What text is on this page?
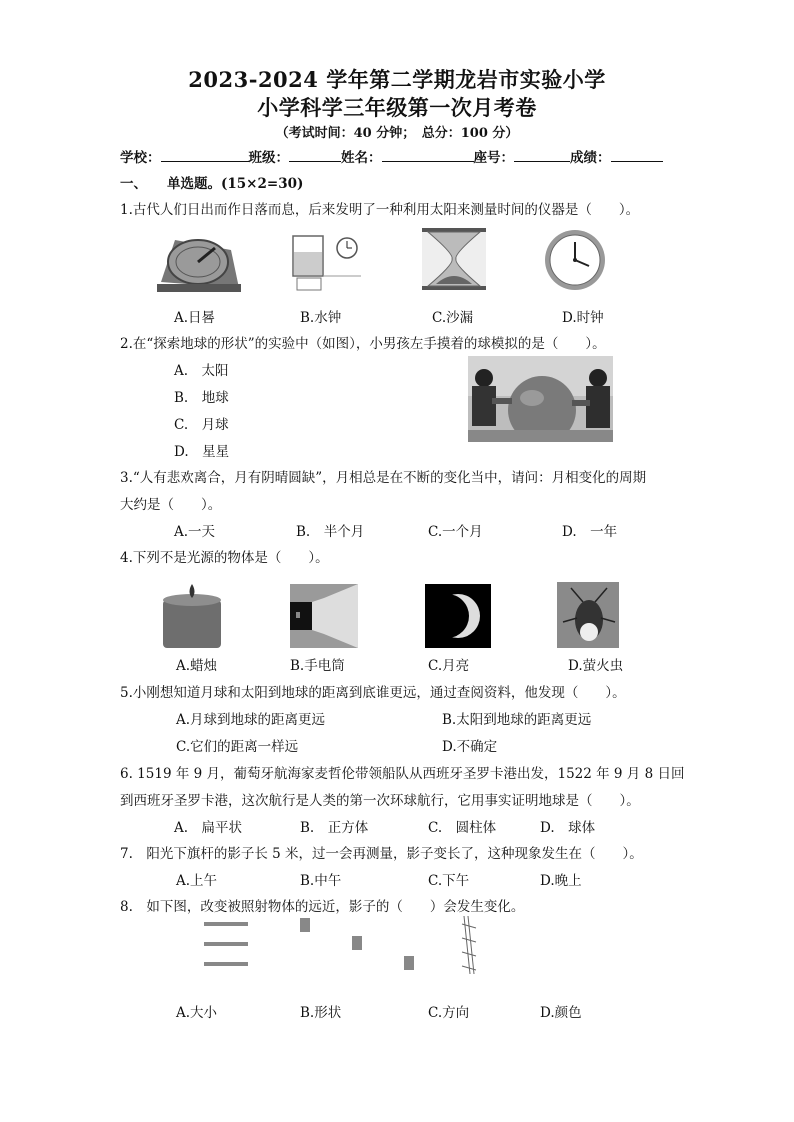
2023-2024 学年第二学期龙岩市实验小学
小学科学三年级第一次月考卷
（考试时间：40 分钟；　总分：100 分）
学校：	班级：	姓名：	座号：	成绩：
一、 单选题。(15×2=30)
1.古代人们日出而作日落而息，后来发明了一种利用太阳来测量时间的仪器是（　　）。
A.日晷	B.水钟	C.沙漏	D.时钟
2.在“探索地球的形状”的实验中（如图），小男孩左手摸着的球模拟的是（　　）。
A.　太阳
B.　地球
C.　月球
D.　星星
3.“人有悲欢离合，月有阴晴圆缺”，月相总是在不断的变化当中，请问：月相变化的周期
大约是（　　）。
A.一天	B.　半个月	C.一个月	D.　一年
4.下列不是光源的物体是（　　）。
A.蜡烛	B.手电筒	C.月亮	D.萤火虫
5.小刚想知道月球和太阳到地球的距离到底谁更远，通过查阅资料，他发现（　　）。
A.月球到地球的距离更远	B.太阳到地球的距离更远
C.它们的距离一样远	D.不确定
6. 1519 年 9 月，葡萄牙航海家麦哲伦带领船队从西班牙圣罗卡港出发，1522 年 9 月 8 日回
到西班牙圣罗卡港，这次航行是人类的第一次环球航行，它用事实证明地球是（　　）。
A.　扁平状	B.　正方体	C.　圆柱体	D.　球体
7.　阳光下旗杆的影子长 5 米，过一会再测量，影子变长了，这种现象发生在（　　）。
A.上午	B.中午	C.下午	D.晚上
8.　如下图，改变被照射物体的远近，影子的（　　）会发生变化。
A.大小	B.形状	C.方向	D.颜色
